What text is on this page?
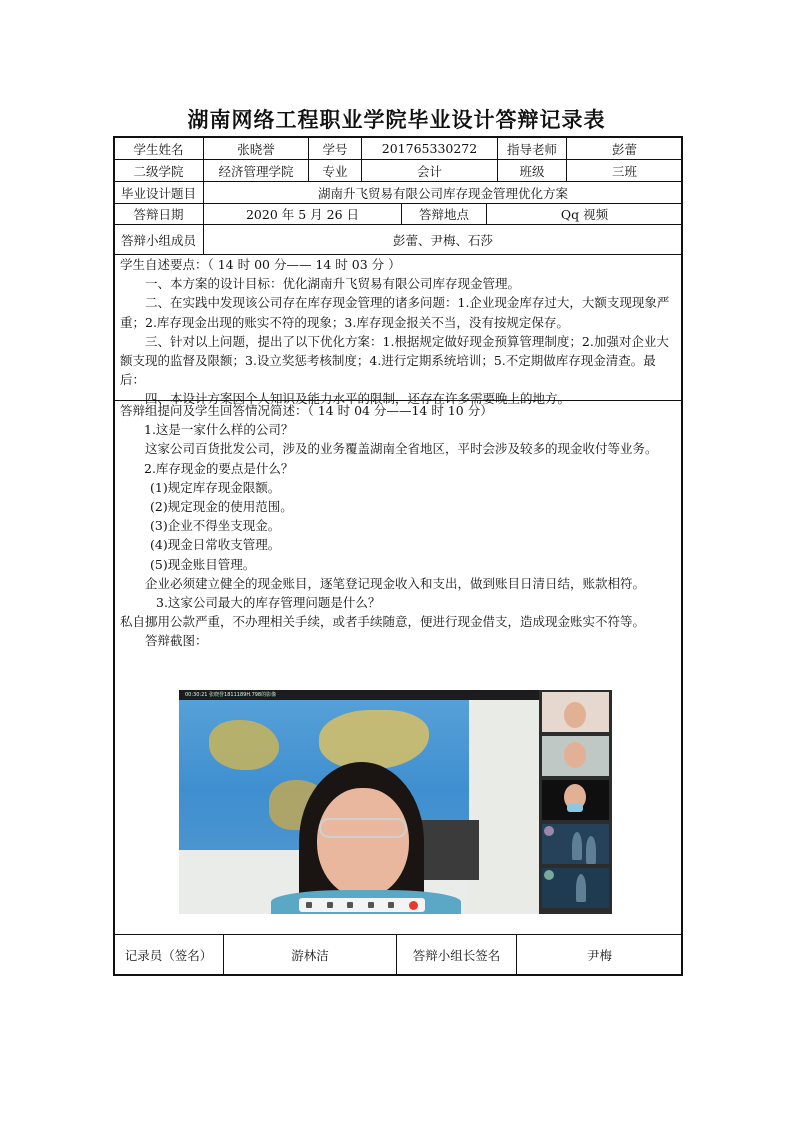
湖南网络工程职业学院毕业设计答辩记录表
学生姓名	张晓誉	学号	201765330272	指导老师	彭蕾
二级学院	经济管理学院	专业	会计	班级	三班
毕业设计题目	湖南升飞贸易有限公司库存现金管理优化方案
答辩日期	2020 年 5 月 26 日	答辩地点	Qq 视频
答辩小组成员	彭蕾、尹梅、石莎

学生自述要点：（ 14 时 00 分—— 14 时 03 分 ）

一、本方案的设计目标：优化湖南升飞贸易有限公司库存现金管理。

二、在实践中发现该公司存在库存现金管理的诸多问题：1.企业现金库存过大，大额支现现象严重；2.库存现金出现的账实不符的现象；3.库存现金报关不当，没有按规定保存。

三、针对以上问题，提出了以下优化方案：1.根据规定做好现金预算管理制度；2.加强对企业大额支现的监督及限额；3.设立奖惩考核制度；4.进行定期系统培训；5.不定期做库存现金清查。最后：

四、本设计方案因个人知识及能力水平的限制，还存在许多需要晚上的地方。

答辩组提问及学生回答情况简述：（ 14 时 04 分——14 时 10 分）

1.这是一家什么样的公司？

这家公司百货批发公司，涉及的业务覆盖湖南全省地区，平时会涉及较多的现金收付等业务。

2.库存现金的要点是什么？

(1)规定库存现金限额。

(2)规定现金的使用范围。

(3)企业不得坐支现金。

(4)现金日常收支管理。

(5)现金账目管理。

企业必须建立健全的现金账目，逐笔登记现金收入和支出，做到账目日清日结，账款相符。

3.这家公司最大的库存管理问题是什么？

私自挪用公款严重，不办理相关手续，或者手续随意，便进行现金借支，造成现金账实不符等。

答辩截图：

00:30:21 张晓誉1811189H.798的影像
记录员（签名）	游林洁	答辩小组长签名	尹梅
